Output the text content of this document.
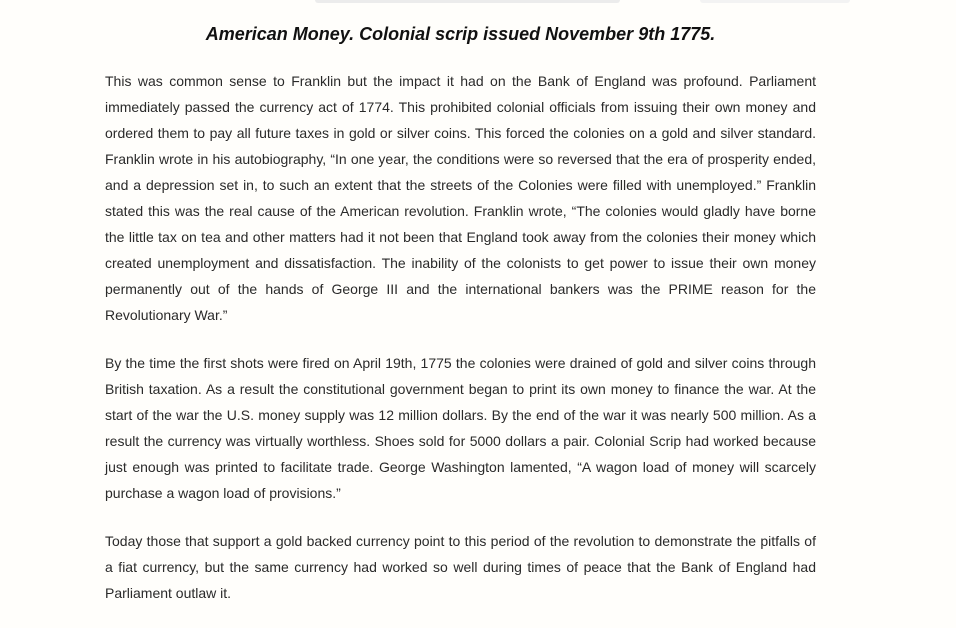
American Money. Colonial scrip issued November 9th 1775.

This was common sense to Franklin but the impact it had on the Bank of England was profound. Parliament immediately passed the currency act of 1774. This prohibited colonial officials from issuing their own money and ordered them to pay all future taxes in gold or silver coins. This forced the colonies on a gold and silver standard. Franklin wrote in his autobiography, “In one year, the conditions were so reversed that the era of prosperity ended, and a depression set in, to such an extent that the streets of the Colonies were filled with unemployed.” Franklin stated this was the real cause of the American revolution. Franklin wrote, “The colonies would gladly have borne the little tax on tea and other matters had it not been that England took away from the colonies their money which created unemployment and dissatisfaction. The inability of the colonists to get power to issue their own money permanently out of the hands of George III and the international bankers was the PRIME reason for the Revolutionary War.”

By the time the first shots were fired on April 19th, 1775 the colonies were drained of gold and silver coins through British taxation. As a result the constitutional government began to print its own money to finance the war. At the start of the war the U.S. money supply was 12 million dollars. By the end of the war it was nearly 500 million. As a result the currency was virtually worthless. Shoes sold for 5000 dollars a pair. Colonial Scrip had worked because just enough was printed to facilitate trade. George Washington lamented, “A wagon load of money will scarcely purchase a wagon load of provisions.”

Today those that support a gold backed currency point to this period of the revolution to demonstrate the pitfalls of a fiat currency, but the same currency had worked so well during times of peace that the Bank of England had Parliament outlaw it.
